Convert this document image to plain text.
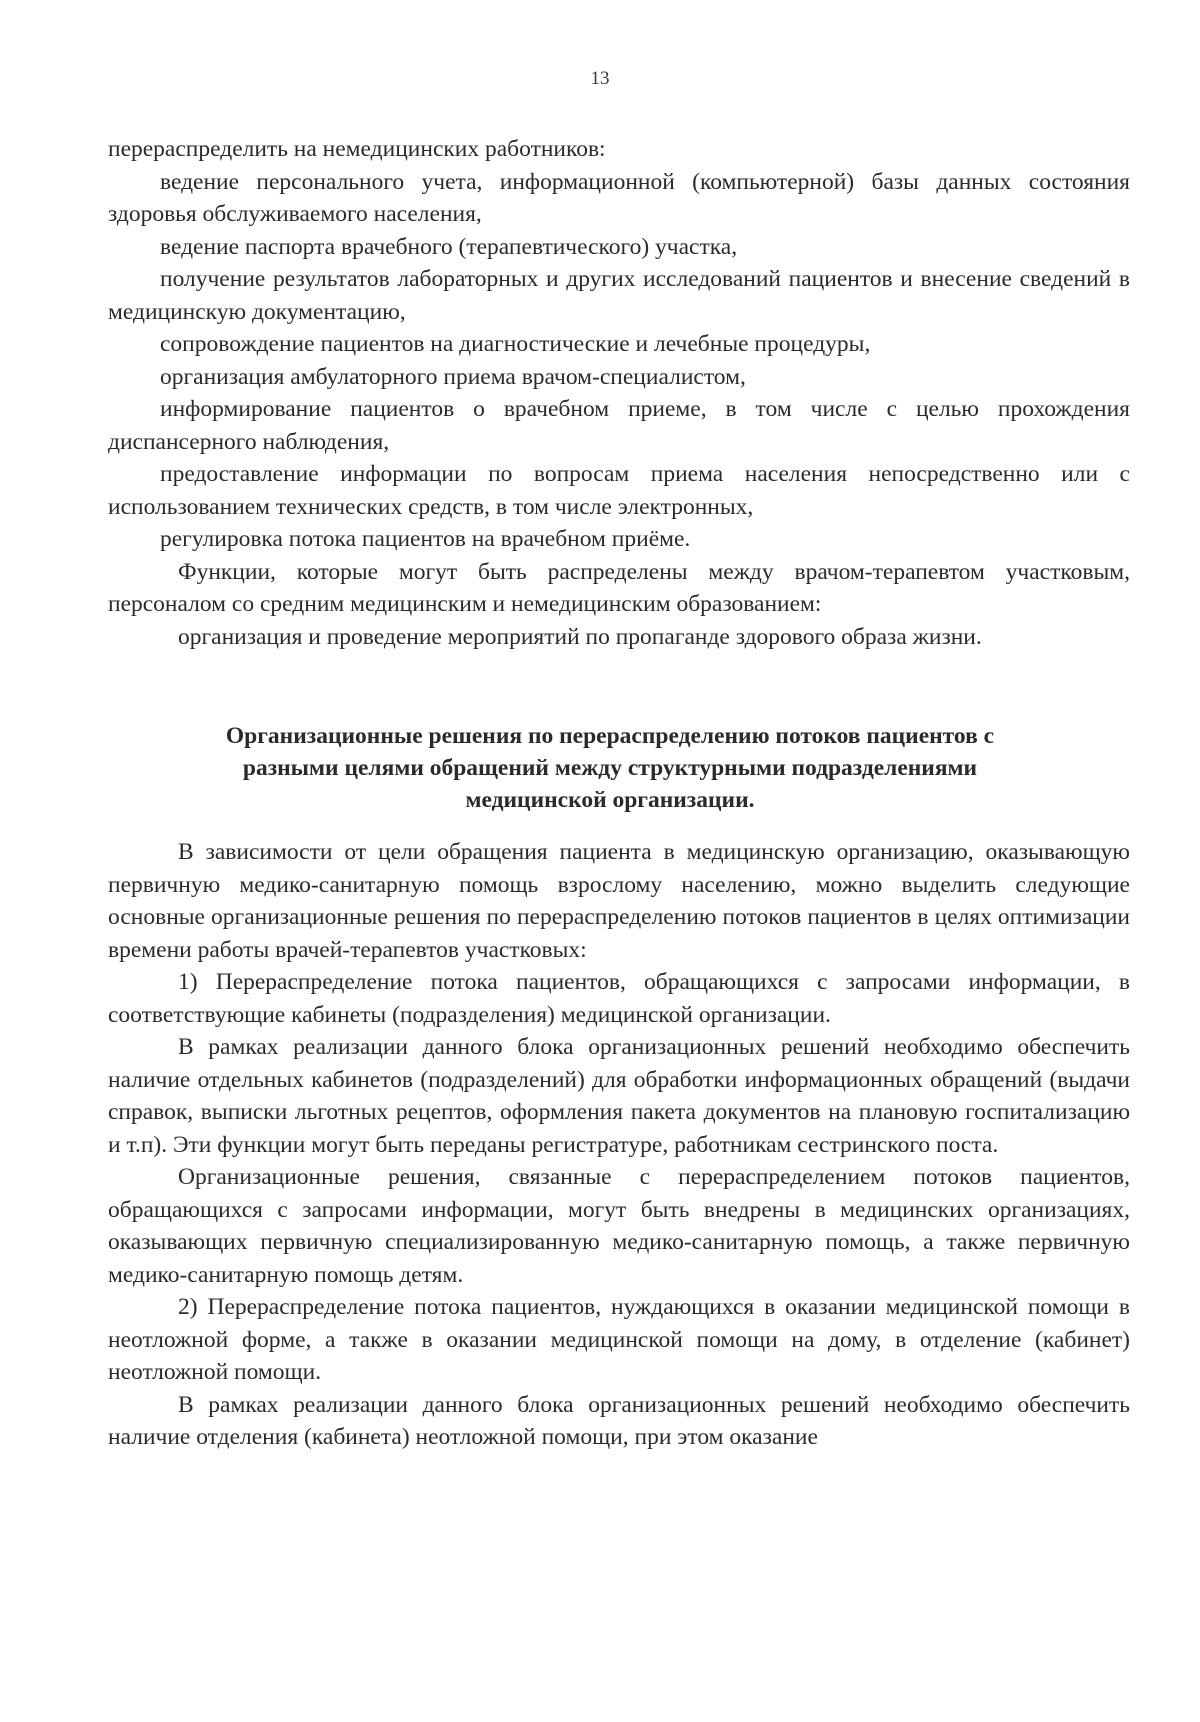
13

перераспределить на немедицинских работников:

ведение персонального учета, информационной (компьютерной) базы данных состояния здоровья обслуживаемого населения,

ведение паспорта врачебного (терапевтического) участка,

получение результатов лабораторных и других исследований пациентов и внесение сведений в медицинскую документацию,

сопровождение пациентов на диагностические и лечебные процедуры,

организация амбулаторного приема врачом-специалистом,

информирование пациентов о врачебном приеме, в том числе с целью прохождения диспансерного наблюдения,

предоставление информации по вопросам приема населения непосредственно или с использованием технических средств, в том числе электронных,

регулировка потока пациентов на врачебном приёме.

Функции, которые могут быть распределены между врачом-терапевтом участковым, персоналом со средним медицинским и немедицинским образованием:

организация и проведение мероприятий по пропаганде здорового образа жизни.

Организационные решения по перераспределению потоков пациентов с
разными целями обращений между структурными подразделениями
медицинской организации.

В зависимости от цели обращения пациента в медицинскую организацию, оказывающую первичную медико-санитарную помощь взрослому населению, можно выделить следующие основные организационные решения по перераспределению потоков пациентов в целях оптимизации времени работы врачей-терапевтов участковых:

1) Перераспределение потока пациентов, обращающихся с запросами информации, в соответствующие кабинеты (подразделения) медицинской организации.

В рамках реализации данного блока организационных решений необходимо обеспечить наличие отдельных кабинетов (подразделений) для обработки информационных обращений (выдачи справок, выписки льготных рецептов, оформления пакета документов на плановую госпитализацию и т.п). Эти функции могут быть переданы регистратуре, работникам сестринского поста.

Организационные решения, связанные с перераспределением потоков пациентов, обращающихся с запросами информации, могут быть внедрены в медицинских организациях, оказывающих первичную специализированную медико-санитарную помощь, а также первичную медико-санитарную помощь детям.

2) Перераспределение потока пациентов, нуждающихся в оказании медицинской помощи в неотложной форме, а также в оказании медицинской помощи на дому, в отделение (кабинет) неотложной помощи.

В рамках реализации данного блока организационных решений необходимо обеспечить наличие отделения (кабинета) неотложной помощи, при этом оказание
